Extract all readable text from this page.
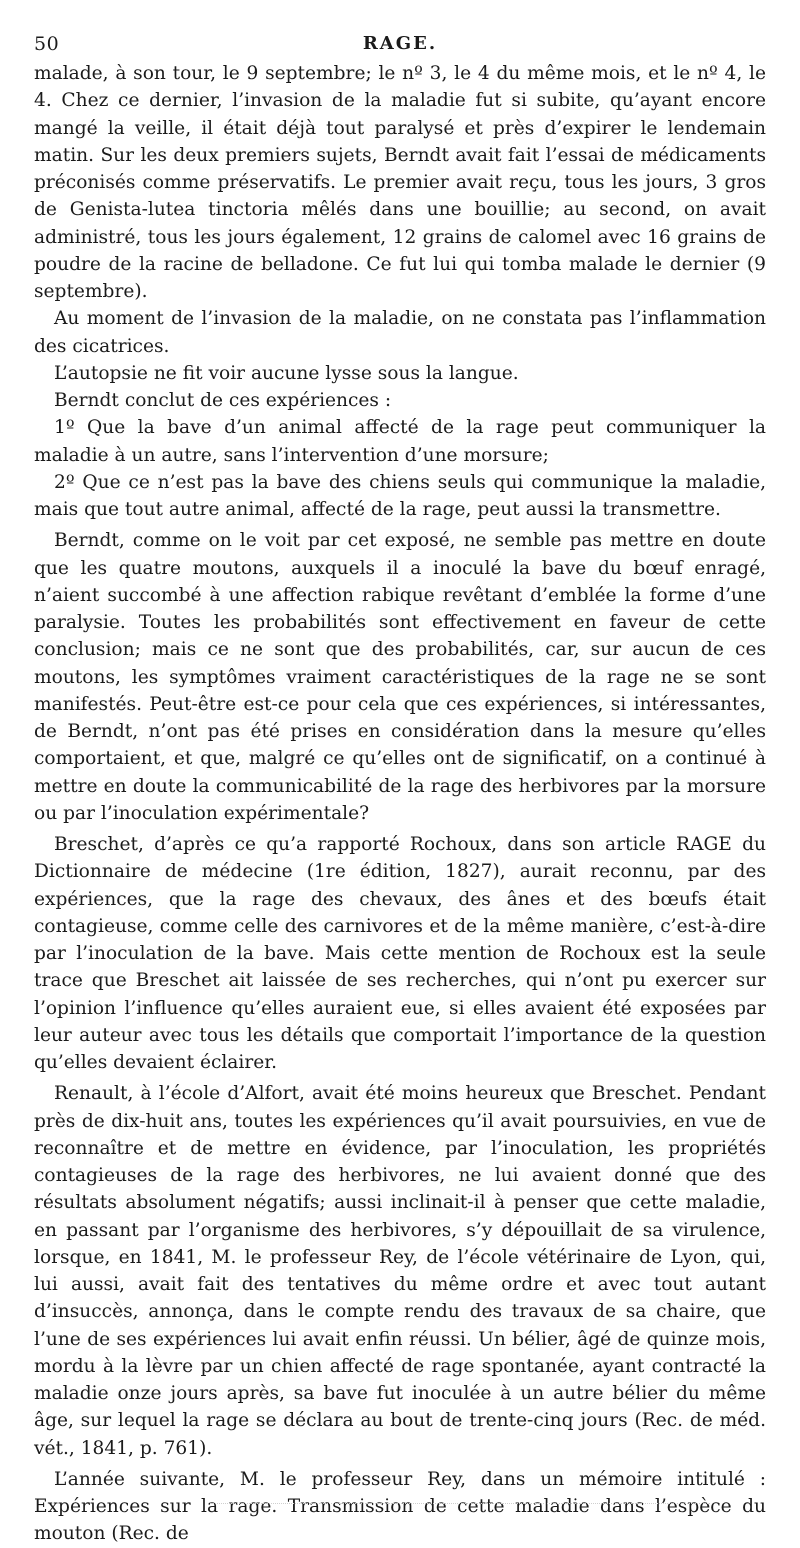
50	RAGE.

malade, à son tour, le 9 septembre; le nº 3, le 4 du même mois, et le nº 4, le 4. Chez ce dernier, l’invasion de la maladie fut si subite, qu’ayant encore mangé la veille, il était déjà tout paralysé et près d’expirer le lendemain matin. Sur les deux premiers sujets, Berndt avait fait l’essai de médicaments préconisés comme préservatifs. Le premier avait reçu, tous les jours, 3 gros de Genista-lutea tinctoria mêlés dans une bouillie; au second, on avait administré, tous les jours également, 12 grains de calomel avec 16 grains de poudre de la racine de belladone. Ce fut lui qui tomba malade le dernier (9 septembre).

Au moment de l’invasion de la maladie, on ne constata pas l’inflammation des cicatrices.

L’autopsie ne fit voir aucune lysse sous la langue.

Berndt conclut de ces expériences :

1º Que la bave d’un animal affecté de la rage peut communiquer la maladie à un autre, sans l’intervention d’une morsure;

2º Que ce n’est pas la bave des chiens seuls qui communique la maladie, mais que tout autre animal, affecté de la rage, peut aussi la transmettre.

Berndt, comme on le voit par cet exposé, ne semble pas mettre en doute que les quatre moutons, auxquels il a inoculé la bave du bœuf enragé, n’aient succombé à une affection rabique revêtant d’emblée la forme d’une paralysie. Toutes les probabilités sont effectivement en faveur de cette conclusion; mais ce ne sont que des probabilités, car, sur aucun de ces moutons, les symptômes vraiment caractéristiques de la rage ne se sont manifestés. Peut-être est-ce pour cela que ces expériences, si intéressantes, de Berndt, n’ont pas été prises en considération dans la mesure qu’elles comportaient, et que, malgré ce qu’elles ont de significatif, on a continué à mettre en doute la communicabilité de la rage des herbivores par la morsure ou par l’inoculation expérimentale?

Breschet, d’après ce qu’a rapporté Rochoux, dans son article RAGE du Dictionnaire de médecine (1re édition, 1827), aurait reconnu, par des expériences, que la rage des chevaux, des ânes et des bœufs était contagieuse, comme celle des carnivores et de la même manière, c’est-à-dire par l’inoculation de la bave. Mais cette mention de Rochoux est la seule trace que Breschet ait laissée de ses recherches, qui n’ont pu exercer sur l’opinion l’influence qu’elles auraient eue, si elles avaient été exposées par leur auteur avec tous les détails que comportait l’importance de la question qu’elles devaient éclairer.

Renault, à l’école d’Alfort, avait été moins heureux que Breschet. Pendant près de dix-huit ans, toutes les expériences qu’il avait poursuivies, en vue de reconnaître et de mettre en évidence, par l’inoculation, les propriétés contagieuses de la rage des herbivores, ne lui avaient donné que des résultats absolument négatifs; aussi inclinait-il à penser que cette maladie, en passant par l’organisme des herbivores, s’y dépouillait de sa virulence, lorsque, en 1841, M. le professeur Rey, de l’école vétérinaire de Lyon, qui, lui aussi, avait fait des tentatives du même ordre et avec tout autant d’insuccès, annonça, dans le compte rendu des travaux de sa chaire, que l’une de ses expériences lui avait enfin réussi. Un bélier, âgé de quinze mois, mordu à la lèvre par un chien affecté de rage spontanée, ayant contracté la maladie onze jours après, sa bave fut inoculée à un autre bélier du même âge, sur lequel la rage se déclara au bout de trente-cinq jours (Rec. de méd. vét., 1841, p. 761).

L’année suivante, M. le professeur Rey, dans un mémoire intitulé : Expériences sur la rage. Transmission de cette maladie dans l’espèce du mouton (Rec. de
